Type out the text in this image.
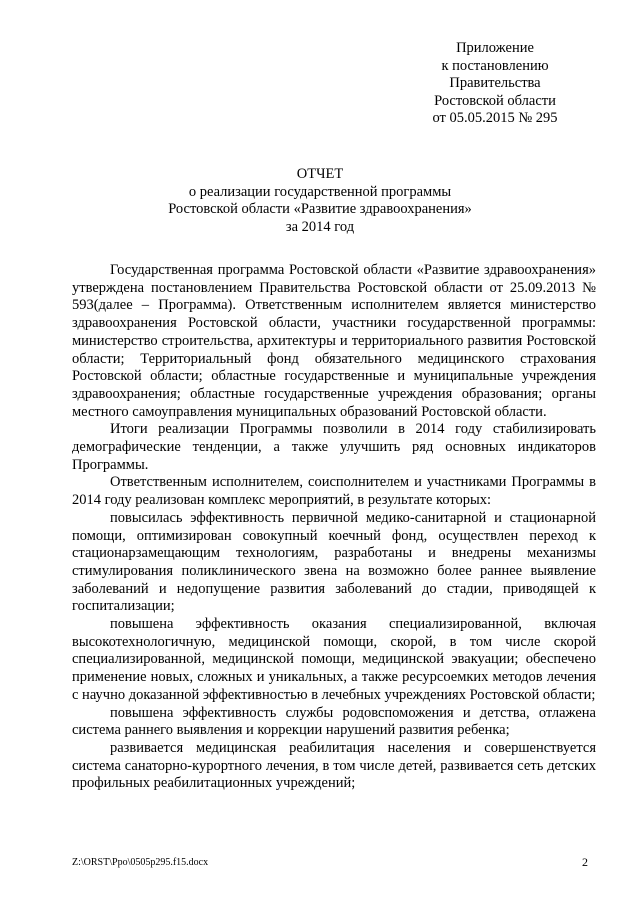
Приложение
к постановлению
Правительства
Ростовской области
от 05.05.2015 № 295
ОТЧЕТ
о реализации государственной программы
Ростовской области «Развитие здравоохранения»
за 2014 год

Государственная программа Ростовской области «Развитие здравоохранения» утверждена постановлением Правительства Ростовской области от 25.09.2013 № 593(далее – Программа). Ответственным исполнителем является министерство здравоохранения Ростовской области, участники государственной программы: министерство строительства, архитектуры и территориального развития Ростовской области; Территориальный фонд обязательного медицинского страхования Ростовской области; областные государственные и муниципальные учреждения здравоохранения; областные государственные учреждения образования; органы местного самоуправления муниципальных образований Ростовской области.

Итоги реализации Программы позволили в 2014 году стабилизировать демографические тенденции, а также улучшить ряд основных индикаторов Программы.

Ответственным исполнителем, соисполнителем и участниками Программы в 2014 году реализован комплекс мероприятий, в результате которых:

повысилась эффективность первичной медико-санитарной и стационарной помощи, оптимизирован совокупный коечный фонд, осуществлен переход к стационарзамещающим технологиям, разработаны и внедрены механизмы стимулирования поликлинического звена на возможно более раннее выявление заболеваний и недопущение развития заболеваний до стадии, приводящей к госпитализации;

повышена эффективность оказания специализированной, включая высокотехнологичную, медицинской помощи, скорой, в том числе скорой специализированной, медицинской помощи, медицинской эвакуации; обеспечено применение новых, сложных и уникальных, а также ресурсоемких методов лечения с научно доказанной эффективностью в лечебных учреждениях Ростовской области;

повышена эффективность службы родовспоможения и детства, отлажена система раннего выявления и коррекции нарушений развития ребенка;

развивается медицинская реабилитация населения и совершенствуется система санаторно-курортного лечения, в том числе детей, развивается сеть детских профильных реабилитационных учреждений;

Z:\ORST\Ppo\0505p295.f15.docx	2
